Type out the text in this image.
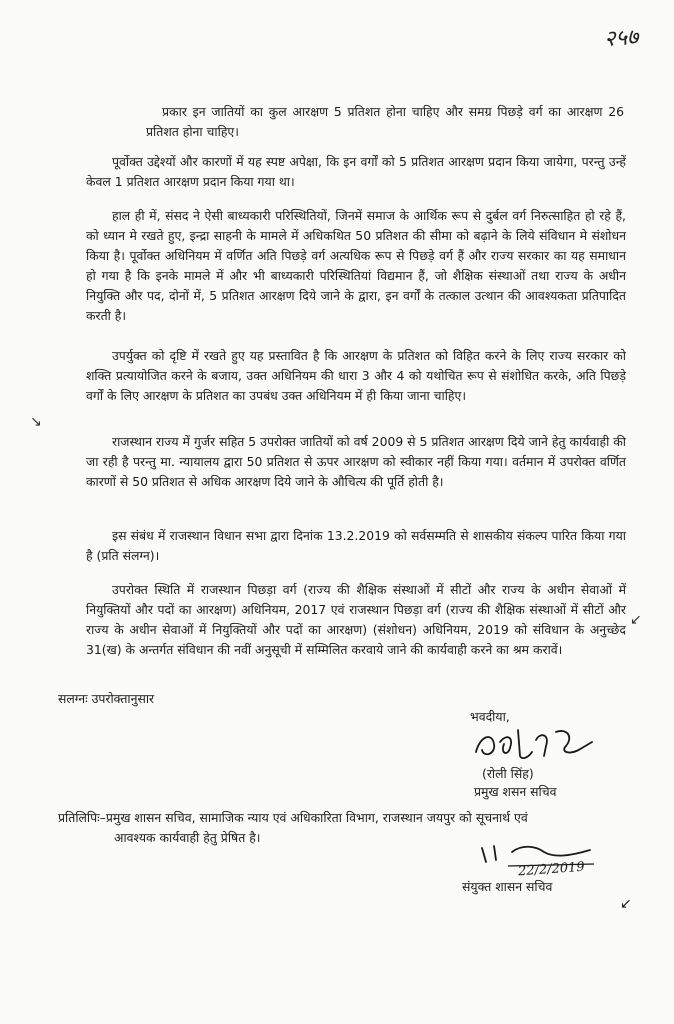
२५७

प्रकार इन जातियों का कुल आरक्षण 5 प्रतिशत होना चाहिए और समग्र पिछड़े वर्ग का आरक्षण 26 प्रतिशत होना चाहिए।

पूर्वोक्त उद्देश्यों और कारणों में यह स्पष्ट अपेक्षा, कि इन वर्गों को 5 प्रतिशत आरक्षण प्रदान किया जायेगा, परन्तु उन्हें केवल 1 प्रतिशत आरक्षण प्रदान किया गया था।

हाल ही में, संसद ने ऐसी बाध्यकारी परिस्थितियों, जिनमें समाज के आर्थिक रूप से दुर्बल वर्ग निरुत्साहित हो रहे हैं, को ध्यान मे रखते हुए, इन्द्रा साहनी के मामले में अधिकथित 50 प्रतिशत की सीमा को बढ़ाने के लिये संविधान मे संशोधन किया है। पूर्वोक्त अधिनियम में वर्णित अति पिछड़े वर्ग अत्यधिक रूप से पिछड़े वर्ग हैं और राज्य सरकार का यह समाधान हो गया है कि इनके मामले में और भी बाध्यकारी परिस्थितियां विद्यमान हैं, जो शैक्षिक संस्थाओं तथा राज्य के अधीन नियुक्ति और पद, दोनों में, 5 प्रतिशत आरक्षण दिये जाने के द्वारा, इन वर्गों के तत्काल उत्थान की आवश्यकता प्रतिपादित करती है।

उपर्युक्त को दृष्टि में रखते हुए यह प्रस्तावित है कि आरक्षण के प्रतिशत को विहित करने के लिए राज्य सरकार को शक्ति प्रत्यायोजित करने के बजाय, उक्त अधिनियम की धारा 3 और 4 को यथोचित रूप से संशोधित करके, अति पिछड़े वर्गों के लिए आरक्षण के प्रतिशत का उपबंध उक्त अधिनियम में ही किया जाना चाहिए।

↘

राजस्थान राज्य में गुर्जर सहित 5 उपरोक्त जातियों को वर्ष 2009 से 5 प्रतिशत आरक्षण दिये जाने हेतु कार्यवाही की जा रही है परन्तु मा. न्यायालय द्वारा 50 प्रतिशत से ऊपर आरक्षण को स्वीकार नहीं किया गया। वर्तमान में उपरोक्त वर्णित कारणों से 50 प्रतिशत से अधिक आरक्षण दिये जाने के औचित्य की पूर्ति होती है।

इस संबंध में राजस्थान विधान सभा द्वारा दिनांक 13.2.2019 को सर्वसम्मति से शासकीय संकल्प पारित किया गया है (प्रति संलग्न)।

उपरोक्त स्थिति में राजस्थान पिछड़ा वर्ग (राज्य की शैक्षिक संस्थाओं में सीटों और राज्य के अधीन सेवाओं में नियुक्तियों और पदों का आरक्षण) अधिनियम, 2017 एवं राजस्थान पिछड़ा वर्ग (राज्य की शैक्षिक संस्थाओं में सीटों और राज्य के अधीन सेवाओं में नियुक्तियों और पदों का आरक्षण) (संशोधन) अधिनियम, 2019 को संविधान के अनुच्छेद 31(ख) के अन्तर्गत संविधान की नवीं अनुसूची में सम्मिलित करवाये जाने की कार्यवाही करने का श्रम करावें।

↙
सलग्नः उपरोक्तानुसार
भवदीया,
(रोली सिंह)
प्रमुख शसन सचिव

प्रतिलिपिः–प्रमुख शासन सचिव, सामाजिक न्याय एवं अधिकारिता विभाग, राजस्थान जयपुर को सूचनार्थ एवं
आवश्यक कार्यवाही हेतु प्रेषित है।

22/2/2019
संयुक्त शासन सचिव
↙
